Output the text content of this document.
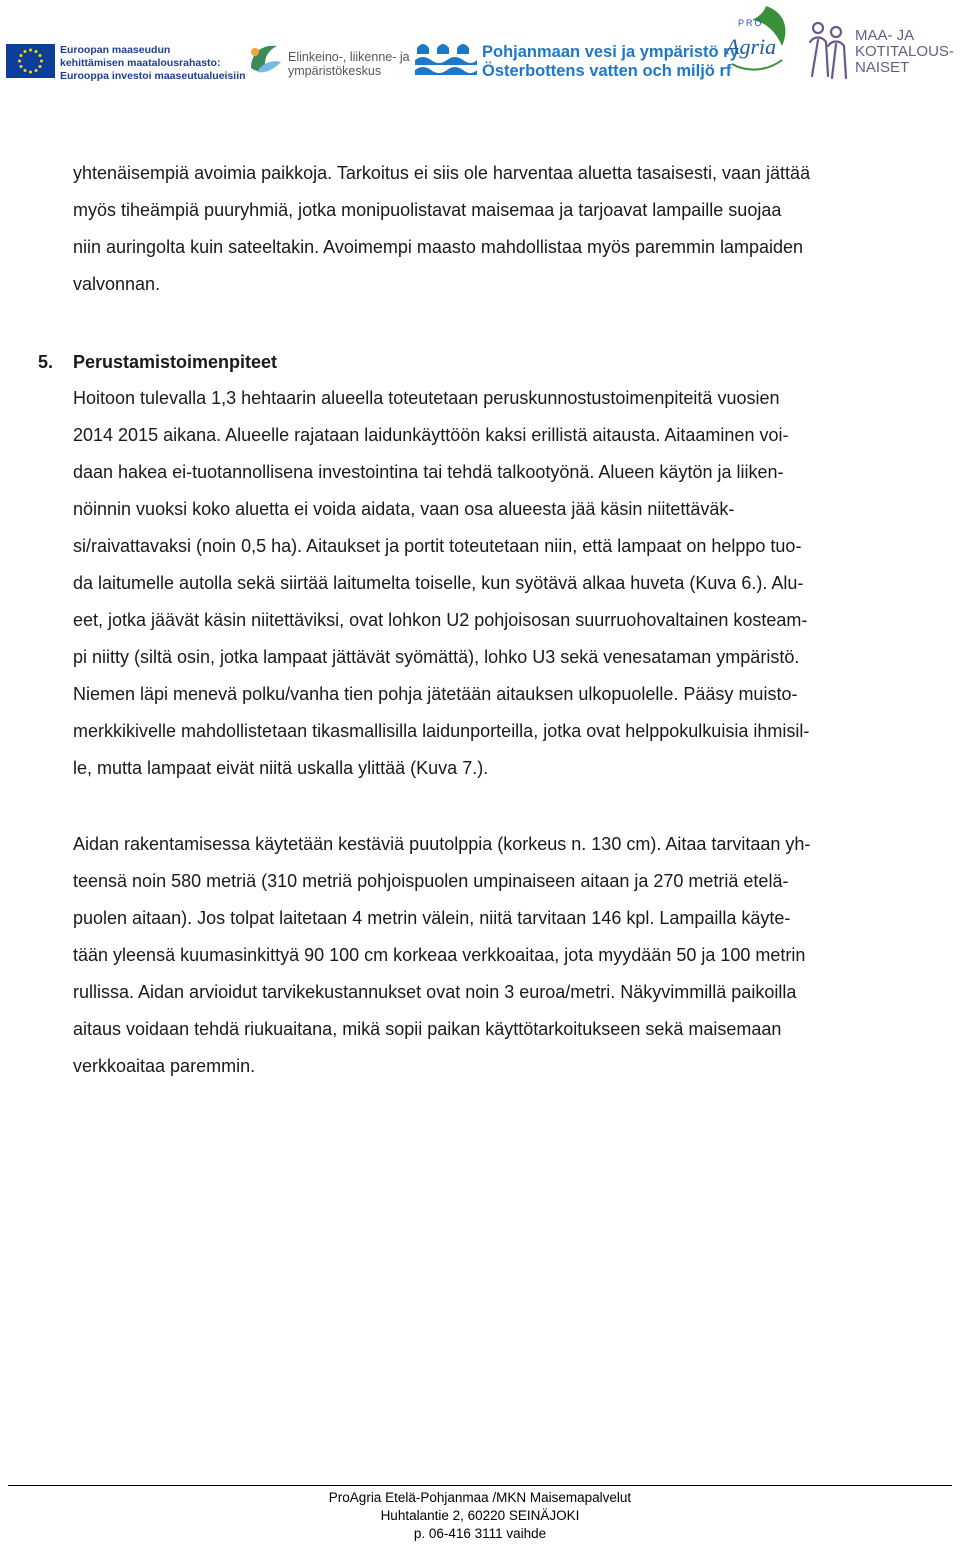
Euroopan maaseudun
kehittämisen maatalousrahasto:
Eurooppa investoi maaseutualueisiin
Elinkeino-, liikenne- ja
ympäristökeskus
Pohjanmaan vesi ja ympäristö ry
Österbottens vatten och miljö rf
PRO
Agria	MAA- JA
KOTITALOUS-
NAISET

yhtenäisempiä avoimia paikkoja. Tarkoitus ei siis ole harventaa aluetta tasaisesti, vaan jättää
myös tiheämpiä puuryhmiä, jotka monipuolistavat maisemaa ja tarjoavat lampaille suojaa
niin auringolta kuin sateeltakin. Avoimempi maasto mahdollistaa myös paremmin lampaiden
valvonnan.

5. Perustamistoimenpiteet

Hoitoon tulevalla 1,3 hehtaarin alueella toteutetaan peruskunnostustoimenpiteitä vuosien
2014 2015 aikana. Alueelle rajataan laidunkäyttöön kaksi erillistä aitausta. Aitaaminen voi-
daan hakea ei-tuotannollisena investointina tai tehdä talkootyönä. Alueen käytön ja liiken-
nöinnin vuoksi koko aluetta ei voida aidata, vaan osa alueesta jää käsin niitettäväk-
si/raivattavaksi (noin 0,5 ha). Aitaukset ja portit toteutetaan niin, että lampaat on helppo tuo-
da laitumelle autolla sekä siirtää laitumelta toiselle, kun syötävä alkaa huveta (Kuva 6.). Alu-
eet, jotka jäävät käsin niitettäviksi, ovat lohkon U2 pohjoisosan suurruohovaltainen kosteam-
pi niitty (siltä osin, jotka lampaat jättävät syömättä), lohko U3 sekä venesataman ympäristö.
Niemen läpi menevä polku/vanha tien pohja jätetään aitauksen ulkopuolelle. Pääsy muisto-
merkkikivelle mahdollistetaan tikasmallisilla laidunporteilla, jotka ovat helppokulkuisia ihmisil-
le, mutta lampaat eivät niitä uskalla ylittää (Kuva 7.).

Aidan rakentamisessa käytetään kestäviä puutolppia (korkeus n. 130 cm). Aitaa tarvitaan yh-
teensä noin 580 metriä (310 metriä pohjoispuolen umpinaiseen aitaan ja 270 metriä etelä-
puolen aitaan). Jos tolpat laitetaan 4 metrin välein, niitä tarvitaan 146 kpl. Lampailla käyte-
tään yleensä kuumasinkittyä 90 100 cm korkeaa verkkoaitaa, jota myydään 50 ja 100 metrin
rullissa. Aidan arvioidut tarvikekustannukset ovat noin 3 euroa/metri. Näkyvimmillä paikoilla
aitaus voidaan tehdä riukuaitana, mikä sopii paikan käyttötarkoitukseen sekä maisemaan
verkkoaitaa paremmin.

ProAgria Etelä-Pohjanmaa /MKN Maisemapalvelut
Huhtalantie 2, 60220 SEINÄJOKI
p. 06-416 3111 vaihde
